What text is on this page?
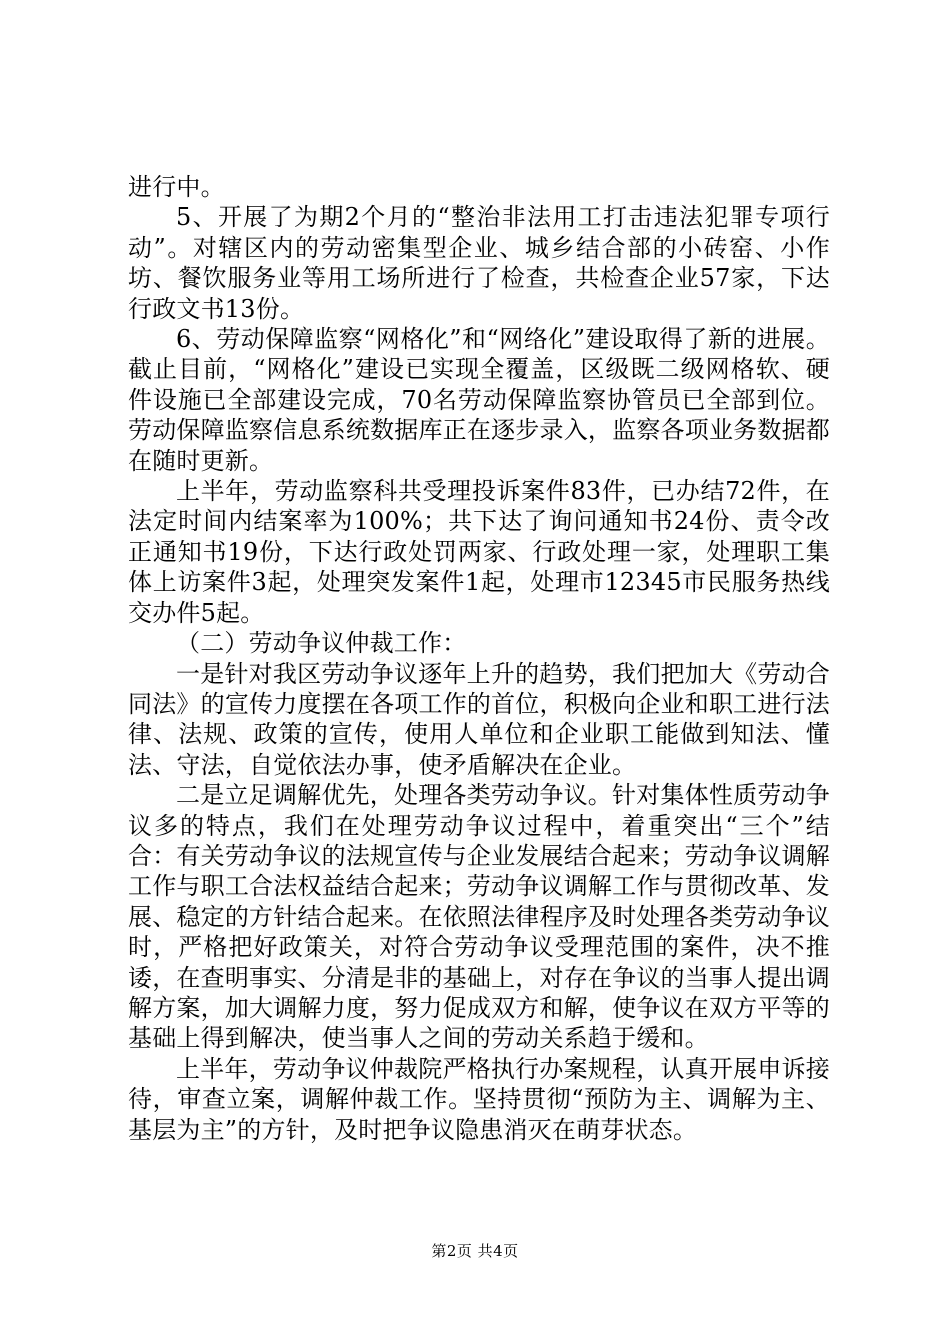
进行中。

5、开展了为期2个月的“整治非法用工打击违法犯罪专项行动”。对辖区内的劳动密集型企业、城乡结合部的小砖窑、小作坊、餐饮服务业等用工场所进行了检查，共检查企业57家，下达行政文书13份。

6、劳动保障监察“网格化”和“网络化”建设取得了新的进展。截止目前，“网格化”建设已实现全覆盖，区级既二级网格软、硬件设施已全部建设完成，70名劳动保障监察协管员已全部到位。劳动保障监察信息系统数据库正在逐步录入，监察各项业务数据都在随时更新。

上半年，劳动监察科共受理投诉案件83件，已办结72件，在法定时间内结案率为100%；共下达了询问通知书24份、责令改正通知书19份，下达行政处罚两家、行政处理一家，处理职工集体上访案件3起，处理突发案件1起，处理市12345市民服务热线交办件5起。

（二）劳动争议仲裁工作：

一是针对我区劳动争议逐年上升的趋势，我们把加大《劳动合同法》的宣传力度摆在各项工作的首位，积极向企业和职工进行法律、法规、政策的宣传，使用人单位和企业职工能做到知法、懂法、守法，自觉依法办事，使矛盾解决在企业。

二是立足调解优先，处理各类劳动争议。针对集体性质劳动争议多的特点，我们在处理劳动争议过程中，着重突出“三个”结合：有关劳动争议的法规宣传与企业发展结合起来；劳动争议调解工作与职工合法权益结合起来；劳动争议调解工作与贯彻改革、发展、稳定的方针结合起来。在依照法律程序及时处理各类劳动争议时，严格把好政策关，对符合劳动争议受理范围的案件，决不推诿，在查明事实、分清是非的基础上，对存在争议的当事人提出调解方案，加大调解力度，努力促成双方和解，使争议在双方平等的基础上得到解决，使当事人之间的劳动关系趋于缓和。

上半年，劳动争议仲裁院严格执行办案规程，认真开展申诉接待，审查立案，调解仲裁工作。坚持贯彻“预防为主、调解为主、基层为主”的方针，及时把争议隐患消灭在萌芽状态。

第2页 共4页
